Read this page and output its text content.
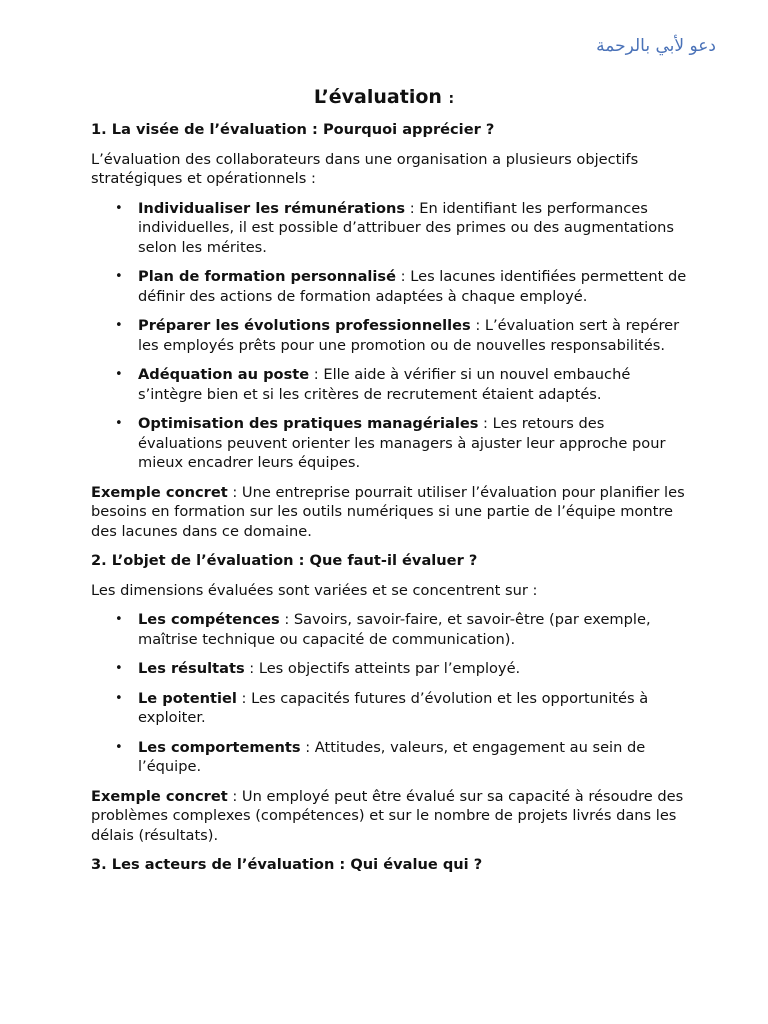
دعو لأبي بالرحمة
L’évaluation :
1. La visée de l’évaluation : Pourquoi apprécier ?

L’évaluation des collaborateurs dans une organisation a plusieurs objectifs stratégiques et opérationnels :

• Individualiser les rémunérations : En identifiant les performances individuelles, il est possible d’attribuer des primes ou des augmentations selon les mérites.
• Plan de formation personnalisé : Les lacunes identifiées permettent de définir des actions de formation adaptées à chaque employé.
• Préparer les évolutions professionnelles : L’évaluation sert à repérer les employés prêts pour une promotion ou de nouvelles responsabilités.
• Adéquation au poste : Elle aide à vérifier si un nouvel embauché s’intègre bien et si les critères de recrutement étaient adaptés.
• Optimisation des pratiques managériales : Les retours des évaluations peuvent orienter les managers à ajuster leur approche pour mieux encadrer leurs équipes.

Exemple concret : Une entreprise pourrait utiliser l’évaluation pour planifier les besoins en formation sur les outils numériques si une partie de l’équipe montre des lacunes dans ce domaine.

2. L’objet de l’évaluation : Que faut-il évaluer ?

Les dimensions évaluées sont variées et se concentrent sur :

• Les compétences : Savoirs, savoir-faire, et savoir-être (par exemple, maîtrise technique ou capacité de communication).
• Les résultats : Les objectifs atteints par l’employé.
• Le potentiel : Les capacités futures d’évolution et les opportunités à exploiter.
• Les comportements : Attitudes, valeurs, et engagement au sein de l’équipe.

Exemple concret : Un employé peut être évalué sur sa capacité à résoudre des problèmes complexes (compétences) et sur le nombre de projets livrés dans les délais (résultats).

3. Les acteurs de l’évaluation : Qui évalue qui ?
